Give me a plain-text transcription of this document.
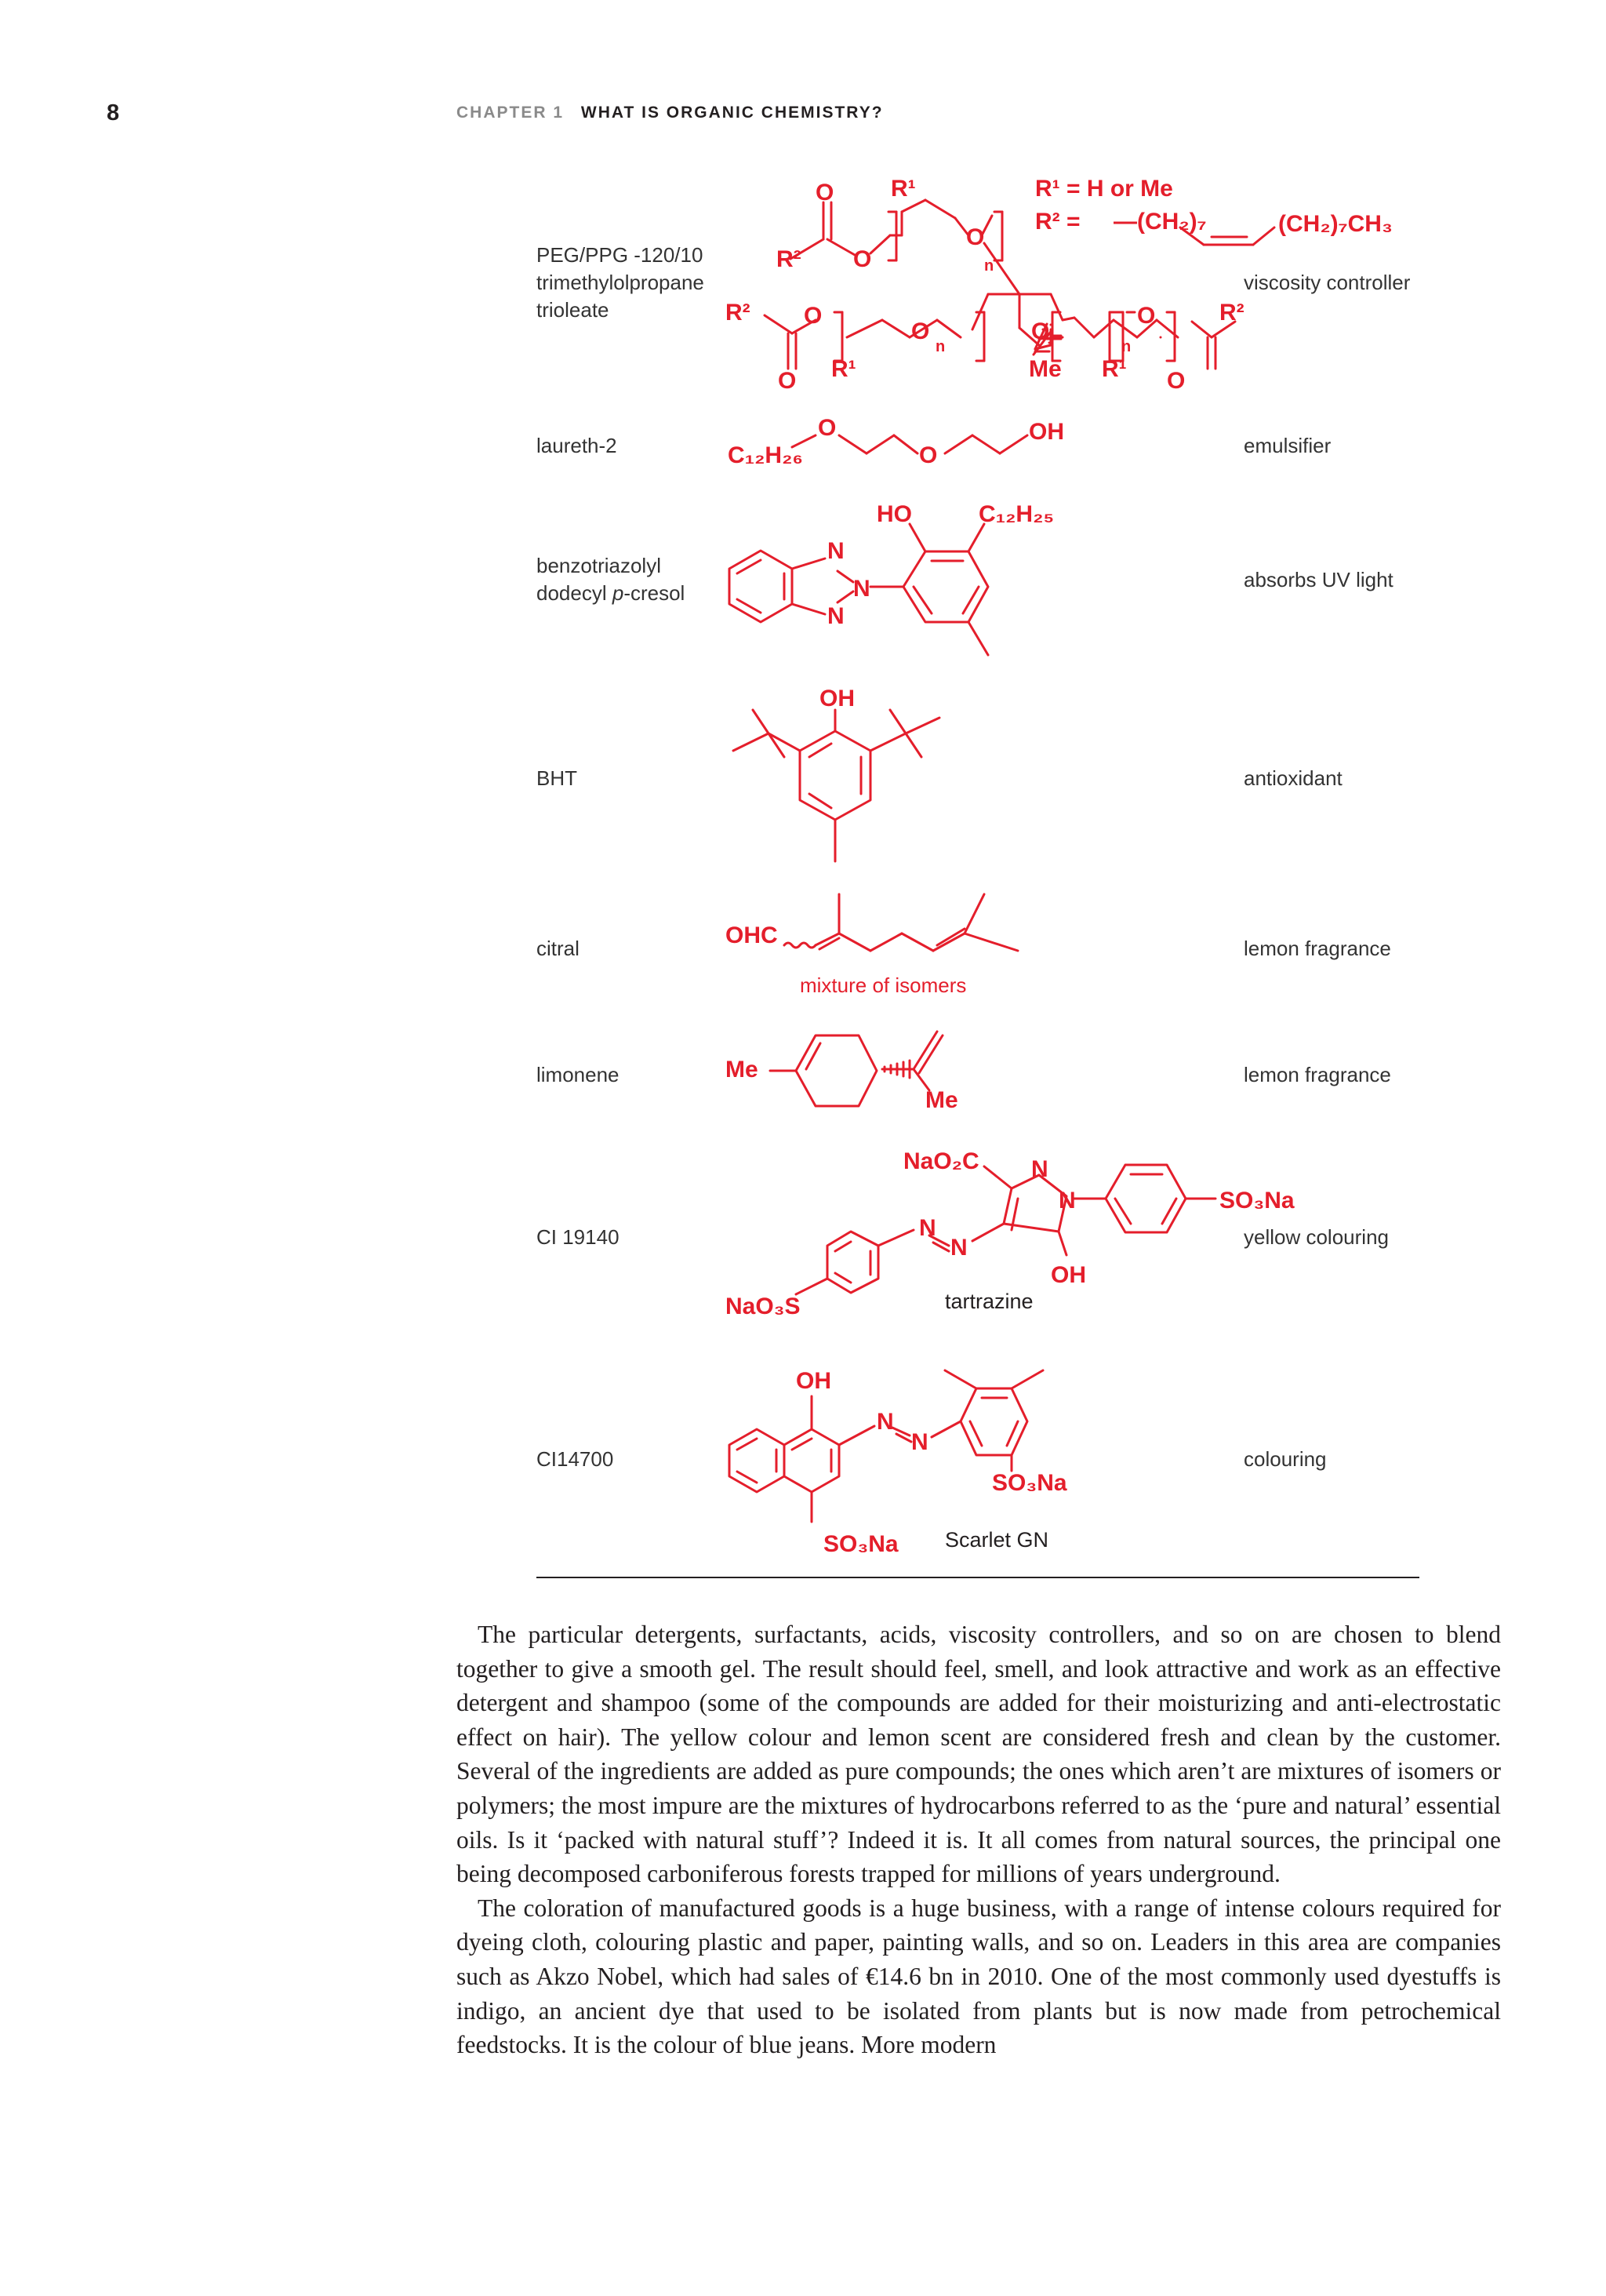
8	CHAPTER 1 WHAT IS ORGANIC CHEMISTRY?
PEG/PPG -120/10
trimethylolpropane
trioleate
viscosity controller
laureth-2	emulsifier
benzotriazolyl
dodecyl p-cresol
absorbs UV light
BHT	antioxidant
citral	lemon fragrance
limonene	lemon fragrance
CI 19140	yellow colouring
CI14700	colouring
O R¹
R² O
O
n
R¹ = H or Me
R² = —(CH₂)₇	(CH₂)₇CH₃
R² O
O
n
Me
O
n
O	R²
O R¹	R¹ O
C₁₂H₂₆
O
O
OH
HO	C₁₂H₂₅
N
N
N
OH
OHC
mixture of isomers
Me
Me
NaO₂C N
N	SO₃Na
N
N
OH
NaO₃S	tartrazine
OH
N
N
SO₃Na
SO₃Na Scarlet GN

The particular detergents, surfactants, acids, viscosity controllers, and so on are chosen to blend together to give a smooth gel. The result should feel, smell, and look attractive and work as an effective detergent and shampoo (some of the compounds are added for their moisturizing and anti-electrostatic effect on hair). The yellow colour and lemon scent are considered fresh and clean by the customer. Several of the ingredients are added as pure compounds; the ones which aren’t are mixtures of isomers or polymers; the most impure are the mixtures of hydrocarbons referred to as the ‘pure and natural’ essential oils. Is it ‘packed with natural stuff’? Indeed it is. It all comes from natural sources, the principal one being decomposed carboniferous forests trapped for millions of years underground.

The coloration of manufactured goods is a huge business, with a range of intense colours required for dyeing cloth, colouring plastic and paper, painting walls, and so on. Leaders in this area are companies such as Akzo Nobel, which had sales of €14.6 bn in 2010. One of the most commonly used dyestuffs is indigo, an ancient dye that used to be isolated from plants but is now made from petrochemical feedstocks. It is the colour of blue jeans. More modern
